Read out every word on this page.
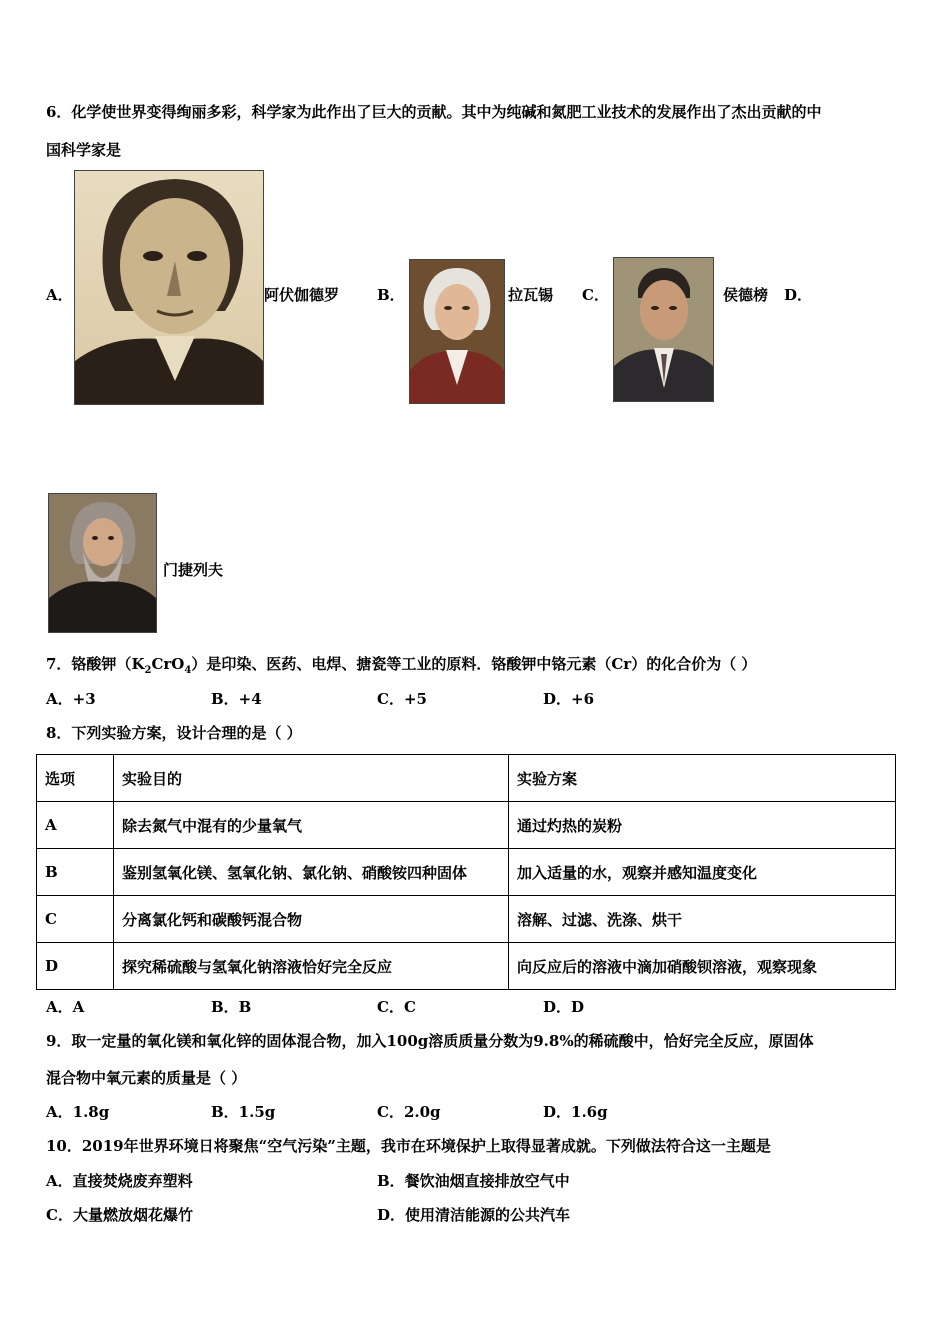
6．化学使世界变得绚丽多彩，科学家为此作出了巨大的贡献。其中为纯碱和氮肥工业技术的发展作出了杰出贡献的中
国科学家是
A．	阿伏伽德罗	B．	拉瓦锡 C．	侯德榜 D．
门捷列夫
7．铬酸钾$(K_2CrO_4)$是印染、医药、电焊、搪瓷等工业的原料．铬酸钾中铬元素（Cr）的化合价为（ ）
A．+3	B．+4	C．+5	D．+6
8．下列实验方案，设计合理的是（ ）
选项	实验目的	实验方案
A	除去氮气中混有的少量氧气	通过灼热的炭粉
B	鉴别氢氧化镁、氢氧化钠、氯化钠、硝酸铵四种固体	加入适量的水，观察并感知温度变化
C	分离氯化钙和碳酸钙混合物	溶解、过滤、洗涤、烘干
D	探究稀硫酸与氢氧化钠溶液恰好完全反应	向反应后的溶液中滴加硝酸钡溶液，观察现象
A．A	B．B	C．C	D．D
9．取一定量的氧化镁和氧化锌的固体混合物，加入100g溶质质量分数为9.8%的稀硫酸中，恰好完全反应，原固体
混合物中氧元素的质量是（ ）
A．1.8g	B．1.5g	C．2.0g	D．1.6g
10．2019年世界环境日将聚焦“空气污染”主题，我市在环境保护上取得显著成就。下列做法符合这一主题是
A．直接焚烧废弃塑料	B．餐饮油烟直接排放空气中
C．大量燃放烟花爆竹	D．使用清洁能源的公共汽车
